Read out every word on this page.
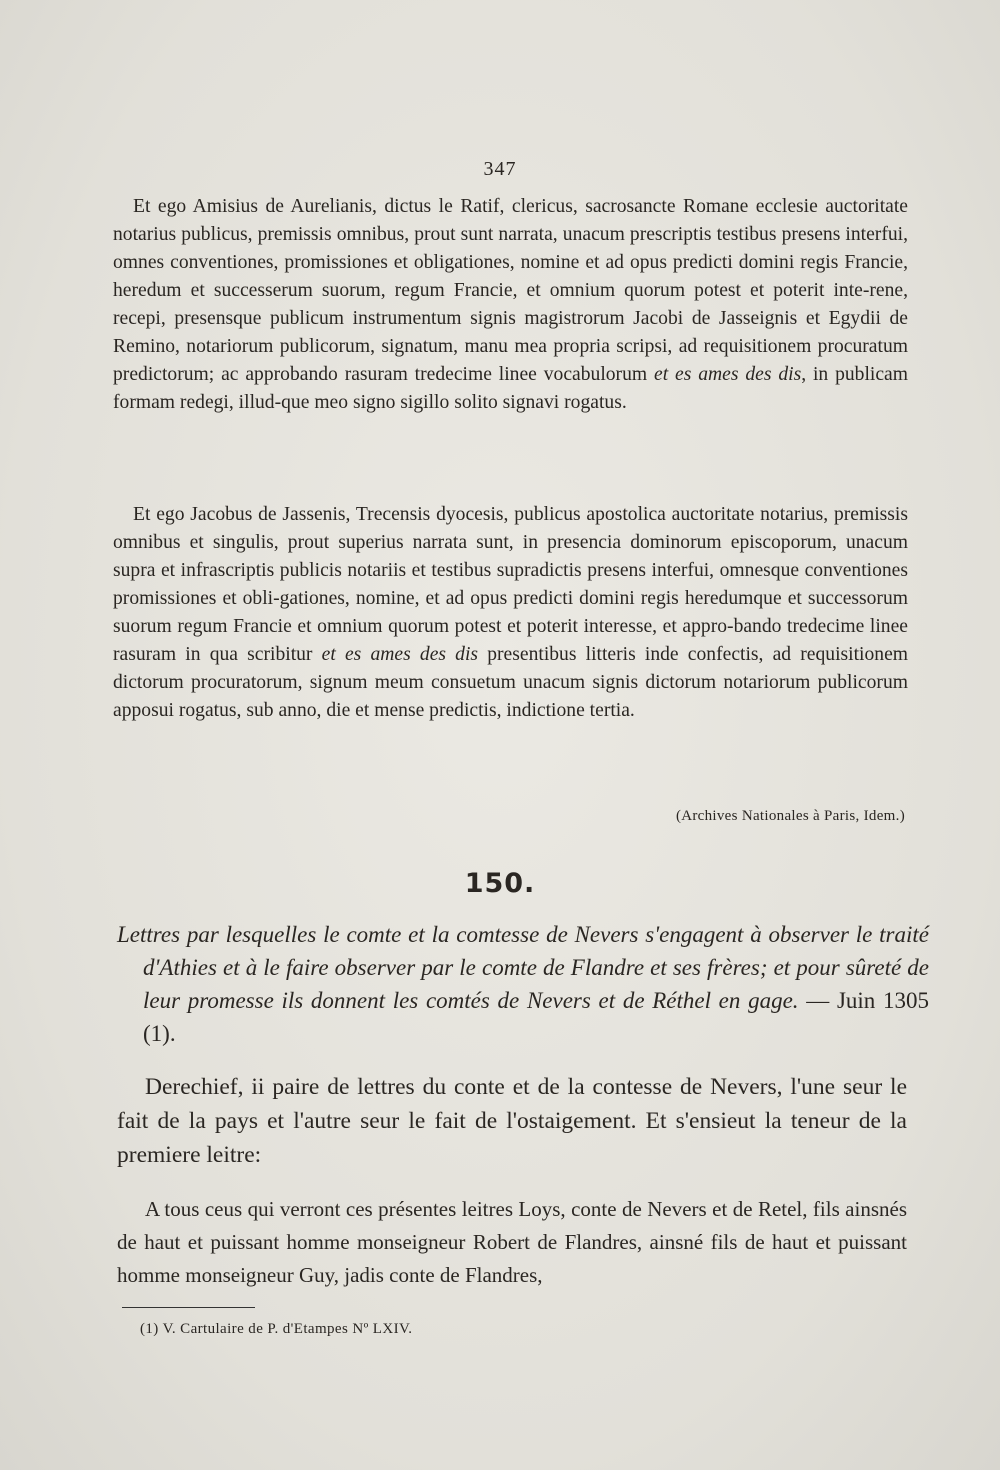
347

Et ego Amisius de Aurelianis, dictus le Ratif, clericus, sacrosancte Romane ecclesie auctoritate notarius publicus, premissis omnibus, prout sunt narrata, unacum prescriptis testibus presens interfui, omnes conventiones, promissiones et obligationes, nomine et ad opus predicti domini regis Francie, heredum et successerum suorum, regum Francie, et omnium quorum potest et poterit inte-rene, recepi, presensque publicum instrumentum signis magistrorum Jacobi de Jasseignis et Egydii de Remino, notariorum publicorum, signatum, manu mea propria scripsi, ad requisitionem procuratum predictorum; ac approbando rasuram tredecime linee vocabulorum et es ames des dis, in publicam formam redegi, illud-que meo signo sigillo solito signavi rogatus.

Et ego Jacobus de Jassenis, Trecensis dyocesis, publicus apostolica auctoritate notarius, premissis omnibus et singulis, prout superius narrata sunt, in presencia dominorum episcoporum, unacum supra et infrascriptis publicis notariis et testibus supradictis presens interfui, omnesque conventiones promissiones et obli-gationes, nomine, et ad opus predicti domini regis heredumque et successorum suorum regum Francie et omnium quorum potest et poterit interesse, et appro-bando tredecime linee rasuram in qua scribitur et es ames des dis presentibus litteris inde confectis, ad requisitionem dictorum procuratorum, signum meum consuetum unacum signis dictorum notariorum publicorum apposui rogatus, sub anno, die et mense predictis, indictione tertia.

(Archives Nationales à Paris, Idem.)
150.

Lettres par lesquelles le comte et la comtesse de Nevers s'engagent à observer le traité d'Athies et à le faire observer par le comte de Flandre et ses frères; et pour sûreté de leur promesse ils donnent les comtés de Nevers et de Réthel en gage. — Juin 1305 (1).

Derechief, ii paire de lettres du conte et de la contesse de Nevers, l'une seur le fait de la pays et l'autre seur le fait de l'ostaigement. Et s'ensieut la teneur de la premiere leitre:

A tous ceus qui verront ces présentes leitres Loys, conte de Nevers et de Retel, fils ainsnés de haut et puissant homme monseigneur Robert de Flandres, ainsné fils de haut et puissant homme monseigneur Guy, jadis conte de Flandres,

(1) V. Cartulaire de P. d'Etampes Nº LXIV.
